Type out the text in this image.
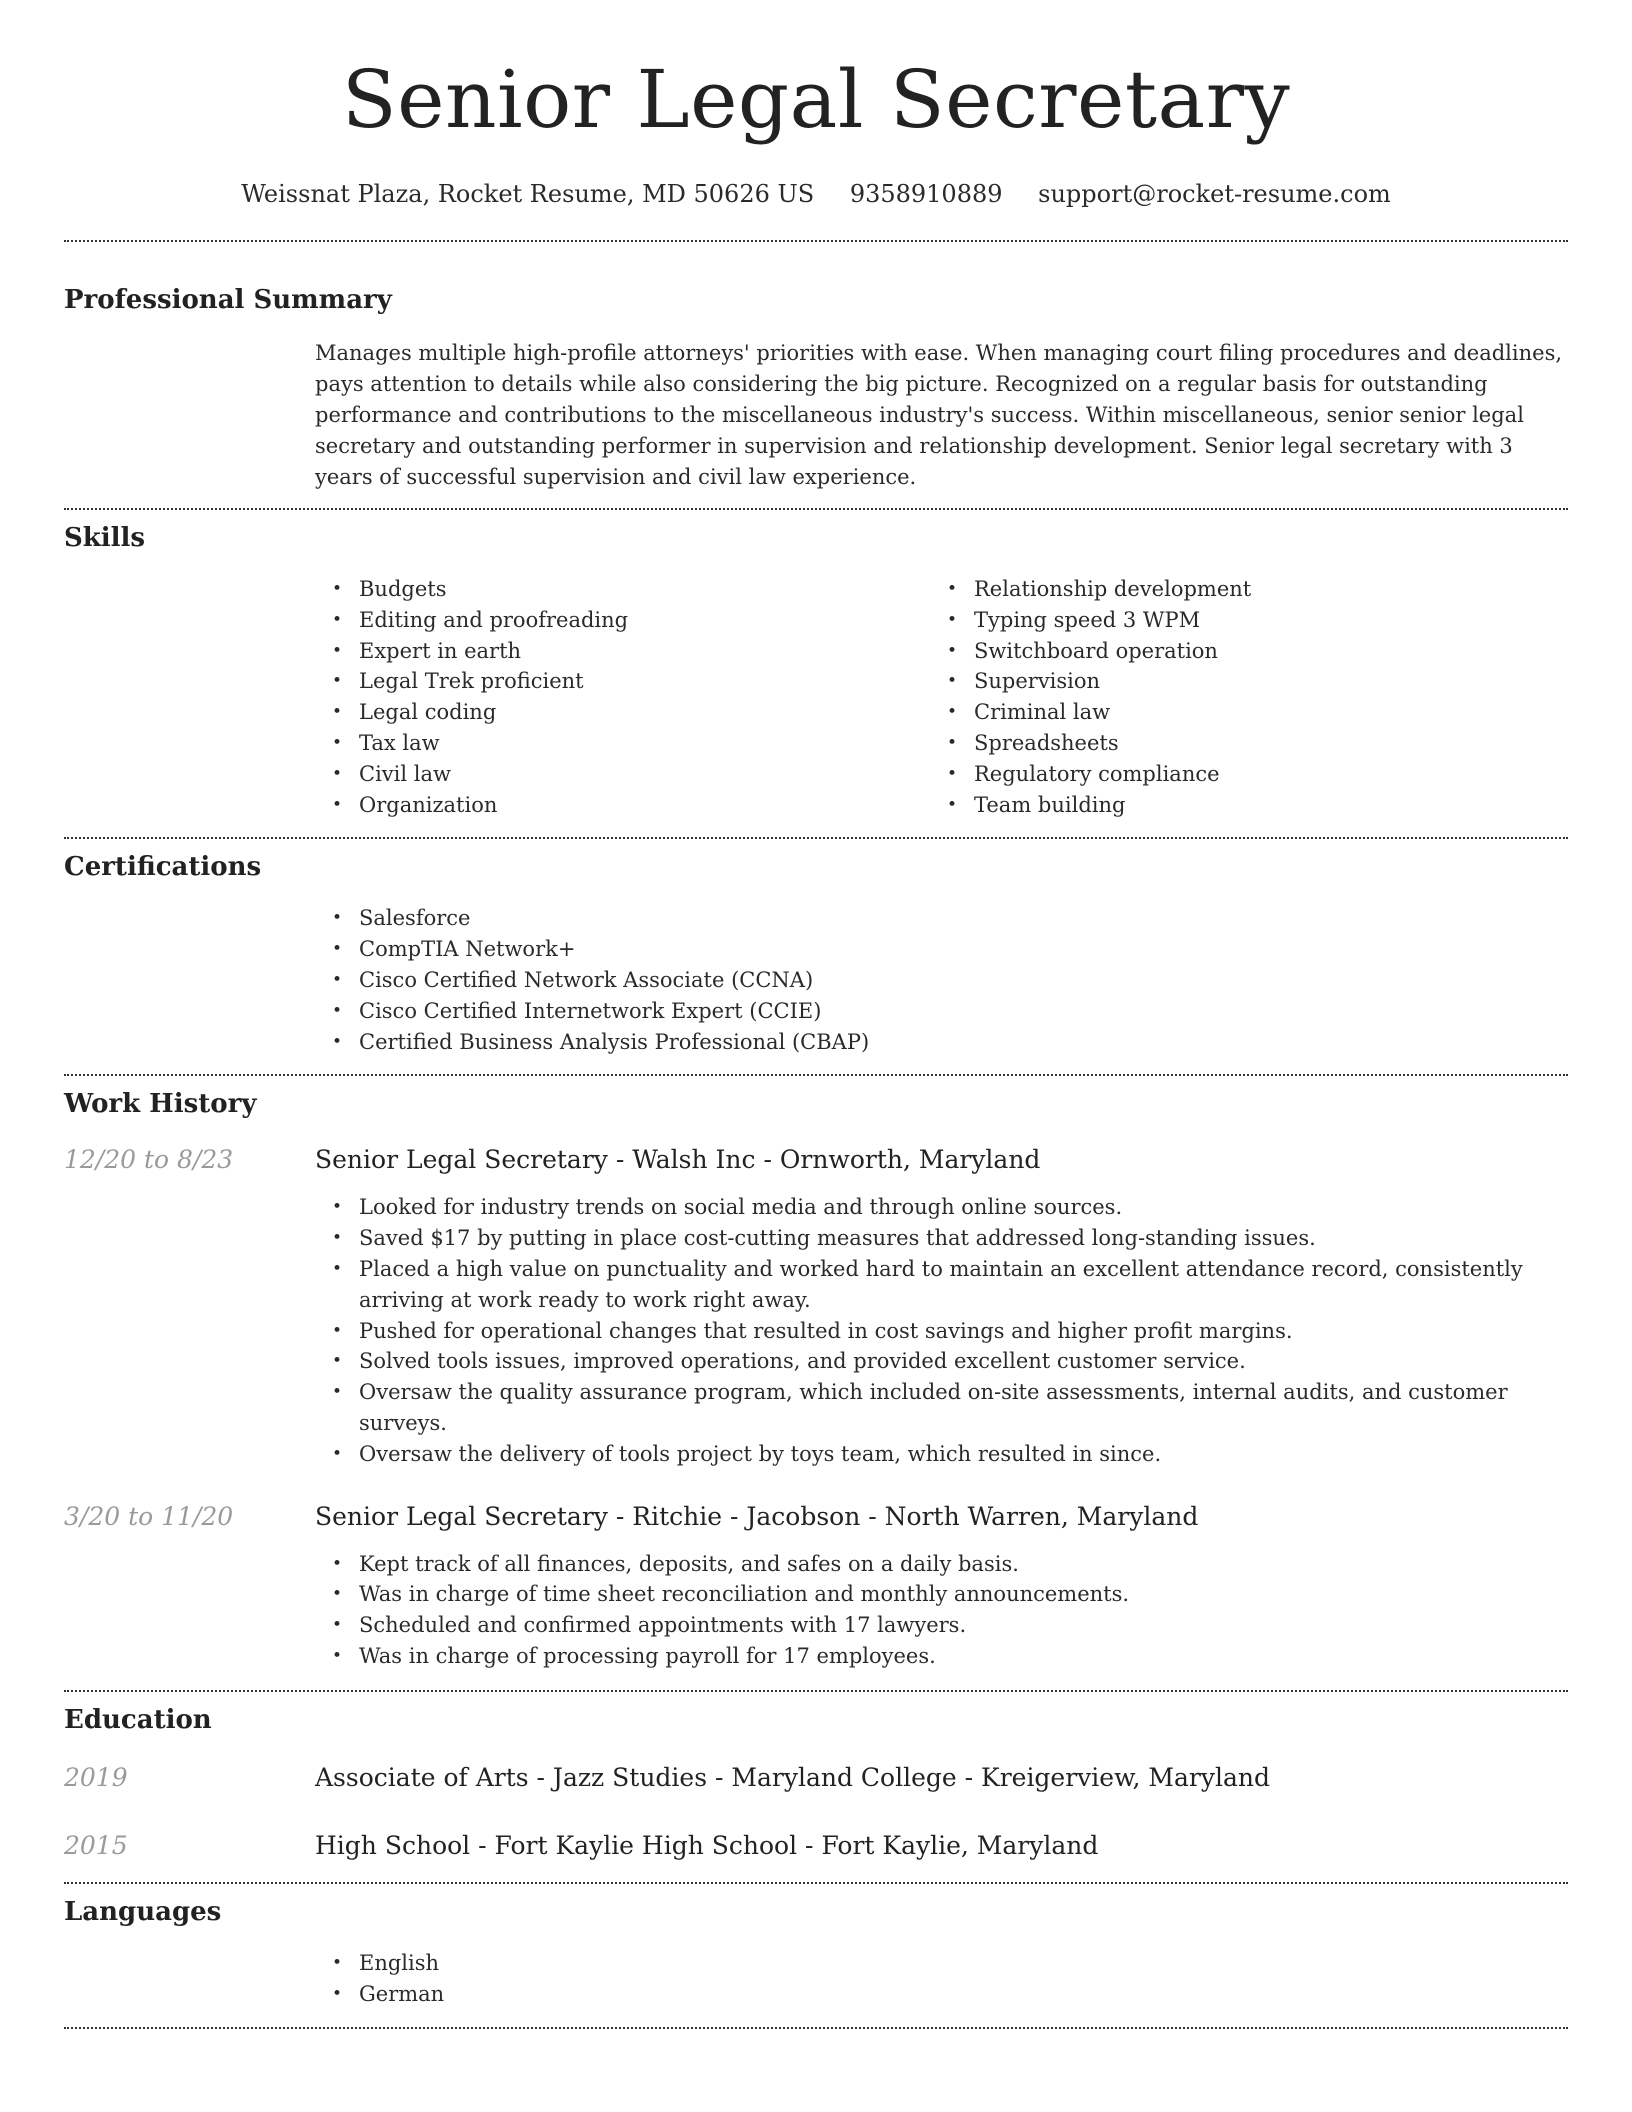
Senior Legal Secretary
Weissnat Plaza, Rocket Resume, MD 50626 US 9358910889 support@rocket-resume.com
Professional Summary

Manages multiple high-profile attorneys' priorities with ease. When managing court filing procedures and deadlines, pays attention to details while also considering the big picture. Recognized on a regular basis for outstanding performance and contributions to the miscellaneous industry's success. Within miscellaneous, senior senior legal secretary and outstanding performer in supervision and relationship development. Senior legal secretary with 3 years of successful supervision and civil law experience.

Skills
• Budgets
• Editing and proofreading
• Expert in earth
• Legal Trek proficient
• Legal coding
• Tax law
• Civil law
• Organization
• Relationship development
• Typing speed 3 WPM
• Switchboard operation
• Supervision
• Criminal law
• Spreadsheets
• Regulatory compliance
• Team building
Certifications
• Salesforce
• CompTIA Network+
• Cisco Certified Network Associate (CCNA)
• Cisco Certified Internetwork Expert (CCIE)
• Certified Business Analysis Professional (CBAP)
Work History
12/20 to 8/23	Senior Legal Secretary - Walsh Inc - Ornworth, Maryland
• Looked for industry trends on social media and through online sources.
• Saved $17 by putting in place cost-cutting measures that addressed long-standing issues.
• Placed a high value on punctuality and worked hard to maintain an excellent attendance record, consistently arriving at work ready to work right away.
• Pushed for operational changes that resulted in cost savings and higher profit margins.
• Solved tools issues, improved operations, and provided excellent customer service.
• Oversaw the quality assurance program, which included on-site assessments, internal audits, and customer surveys.
• Oversaw the delivery of tools project by toys team, which resulted in since.
3/20 to 11/20	Senior Legal Secretary - Ritchie - Jacobson - North Warren, Maryland
• Kept track of all finances, deposits, and safes on a daily basis.
• Was in charge of time sheet reconciliation and monthly announcements.
• Scheduled and confirmed appointments with 17 lawyers.
• Was in charge of processing payroll for 17 employees.
Education
2019	Associate of Arts - Jazz Studies - Maryland College - Kreigerview, Maryland
2015	High School - Fort Kaylie High School - Fort Kaylie, Maryland
Languages
• English
• German
